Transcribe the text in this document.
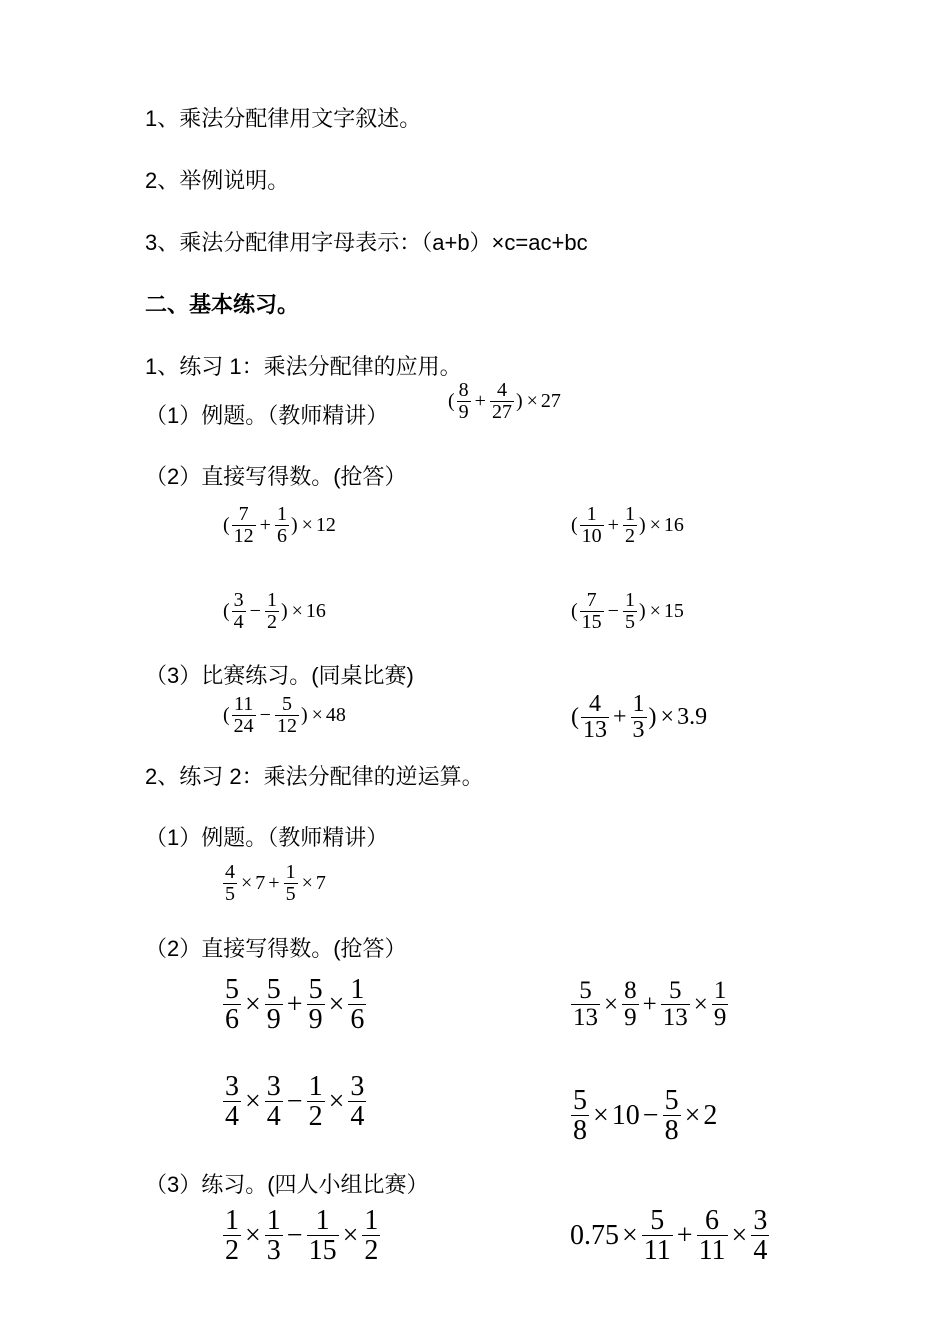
1、乘法分配律用文字叙述。
2、举例说明。
3、乘法分配律用字母表示：（a+b）×c=ac+bc
二、基本练习。
1、练习 1：乘法分配律的应用。
（1）例题。（教师精讲）
( $\frac{8}{9} + \frac{4}{27}$ ) × 27
（2）直接写得数。(抢答）
( $\frac{7}{12} + \frac{1}{6}$ ) × 12	( $\frac{1}{10} + \frac{1}{2}$ ) × 16
( $\frac{3}{4} - \frac{1}{2}$ ) × 16	( $\frac{7}{15} - \frac{1}{5}$ ) × 15
（3）比赛练习。(同桌比赛)
( $\frac{11}{24} - \frac{5}{12}$ ) × 48	( $\frac{4}{13} + \frac{1}{3}$ ) × 3.9
2、练习 2：乘法分配律的逆运算。
（1）例题。（教师精讲）
$\frac{4}{5} \times 7 + \frac{1}{5} \times 7$
（2）直接写得数。(抢答）
$\frac{5}{6} \times \frac{5}{9} + \frac{5}{9} \times \frac{1}{6}$	$\frac{5}{13} \times \frac{8}{9} + \frac{5}{13} \times \frac{1}{9}$
$\frac{3}{4} \times \frac{3}{4} - \frac{1}{2} \times \frac{3}{4}$	$\frac{5}{8} \times 10 - \frac{5}{8} \times 2$
（3）练习。(四人小组比赛）
$\frac{1}{2} \times \frac{1}{3} - \frac{1}{15} \times \frac{1}{2}$	$0.75 \times \frac{5}{11} + \frac{6}{11} \times \frac{3}{4}$
